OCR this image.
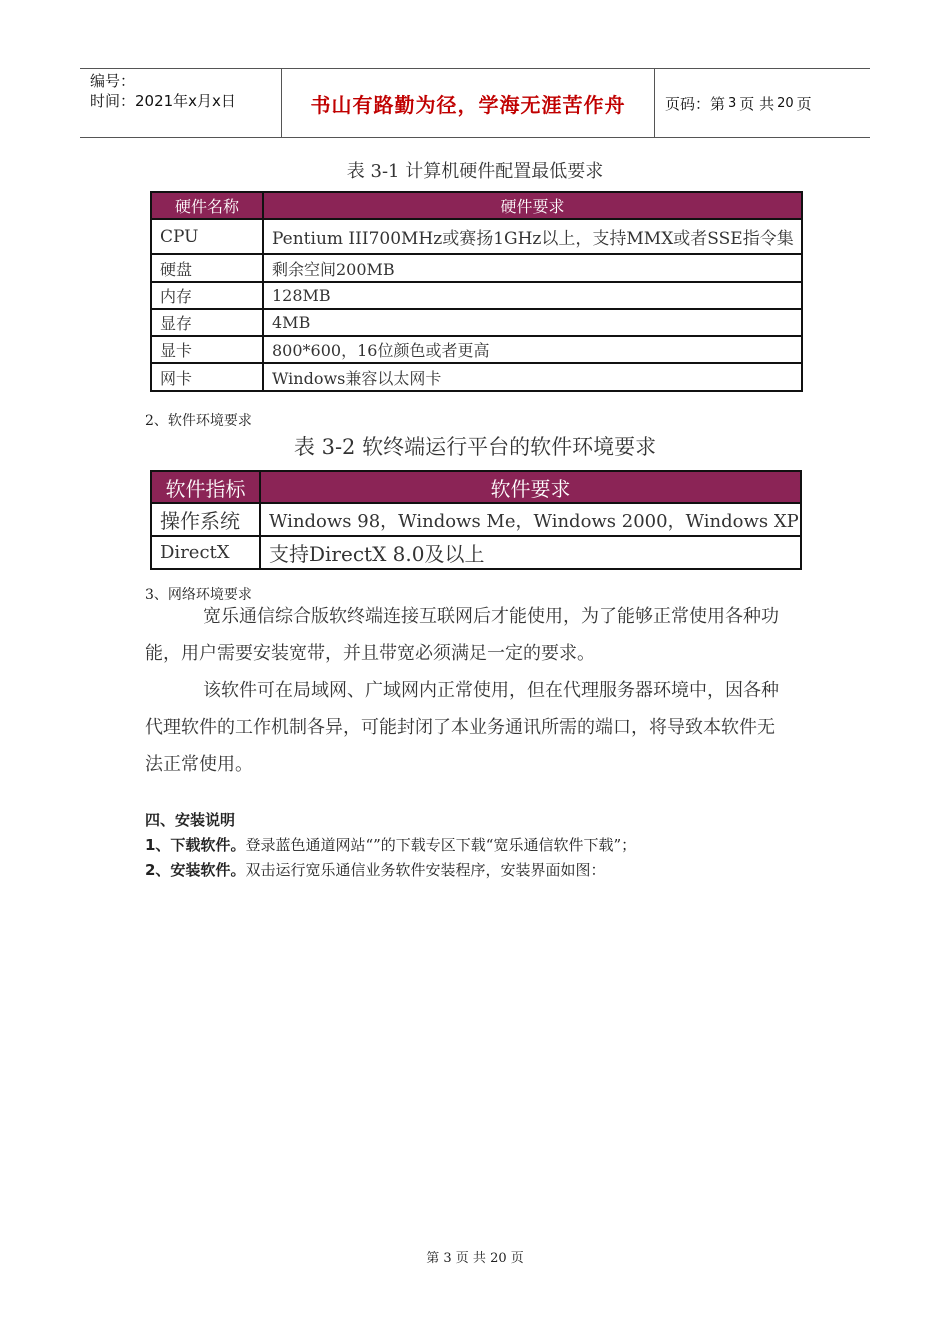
编号：
时间：2021年x月x日	书山有路勤为径，学海无涯苦作舟	页码：第 3 页 共 20 页
表 3-1 计算机硬件配置最低要求
硬件名称	硬件要求
CPU	Pentium III700MHz或赛扬1GHz以上，支持MMX或者SSE指令集
硬盘	剩余空间200MB
内存	128MB
显存	4MB
显卡	800*600，16位颜色或者更高
网卡	Windows兼容以太网卡
2、软件环境要求
表 3-2 软终端运行平台的软件环境要求
软件指标	软件要求
操作系统	Windows 98，Windows Me，Windows 2000，Windows XP
DirectX	支持DirectX 8.0及以上
3、网络环境要求
宽乐通信综合版软终端连接互联网后才能使用，为了能够正常使用各种功
能，用户需要安装宽带，并且带宽必须满足一定的要求。
该软件可在局域网、广域网内正常使用，但在代理服务器环境中，因各种
代理软件的工作机制各异，可能封闭了本业务通讯所需的端口，将导致本软件无
法正常使用。
四、安装说明
1、下载软件。登录蓝色通道网站“”的下载专区下载“宽乐通信软件下载”；
2、安装软件。双击运行宽乐通信业务软件安装程序，安装界面如图：
第 3 页 共 20 页
